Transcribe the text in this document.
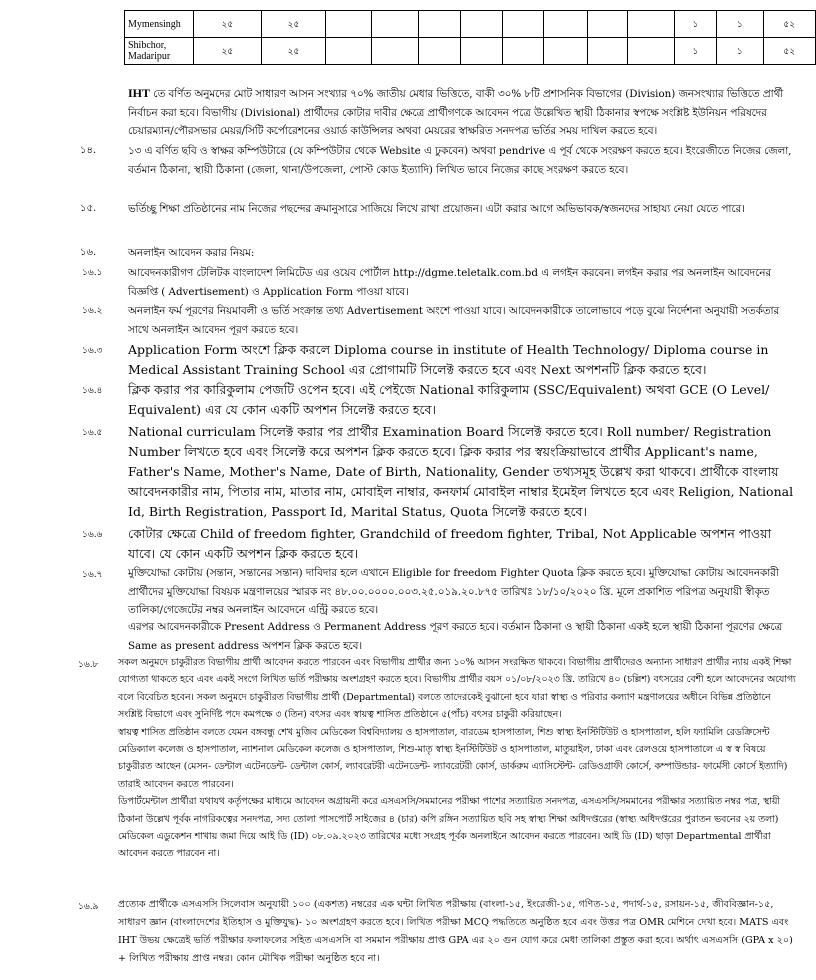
Mymensingh	২৫	২৫									১	১	৫২
Shibchor, Madaripur	২৫	২৫									১	১	৫২
IHT তে বর্ণিত অনুমদের মোট সাধারণ আসন সংখ্যার ৭০% জাতীয় মেধার ভিত্তিতে, বাকী ৩০% ৮টি প্রশাসনিক বিভাগের (Division) জনসংখ্যার ভিত্তিতে প্রার্থী নির্বাচন করা হবে। বিভাগীয় (Divisional) প্রার্থীদের কোটার দাবীর ক্ষেত্রে প্রার্থীগণকে আবেদন পত্রে উল্লেখিত স্থায়ী ঠিকানার স্বপক্ষে সংশ্লিষ্ট ইউনিয়ন পরিষদের চেয়ারম্যান/পৌরসভার মেয়র/সিটি কর্পোরেশনের ওয়ার্ড কাউন্সিলর অথবা মেয়রের স্বাক্ষরিত সনদপত্র ভর্তির সময় দাখিল করতে হবে।
১৪.	১৩ এ বর্ণিত ছবি ও স্বাক্ষর কম্পিউটারে (যে কম্পিউটার থেকে Website এ ঢুকবেন) অথবা pendrive এ পূর্ব থেকে সংরক্ষণ করতে হবে। ইংরেজীতে নিজের জেলা, বর্তমান ঠিকানা, স্থায়ী ঠিকানা (জেলা, থানা/উপজেলা, পোস্ট কোড ইত্যাদি) লিখিত ভাবে নিজের কাছে সংরক্ষণ করতে হবে।
১৫.	ভর্তিচ্ছু শিক্ষা প্রতিষ্ঠানের নাম নিজের পছন্দের ক্রমানুসারে সাজিয়ে লিখে রাখা প্রয়োজন। এটা করার আগে অভিভাবক/স্বজনদের সাহায্য নেয়া যেতে পারে।
১৬.	অনলাইন আবেদন করার নিয়ম:
১৬.১	আবেদনকারীগণ টেলিটক বাংলাদেশ লিমিটেড এর ওয়েব পোর্টাল http://dgme.teletalk.com.bd এ লগইন করবেন। লগইন করার পর অনলাইন আবেদনের বিজ্ঞপ্তি ( Advertisement) ও Application Form পাওয়া যাবে।
১৬.২	অনলাইন ফর্ম পূরণের নিয়মাবলী ও ভর্তি সংক্রান্ত তথ্য Advertisement অংশে পাওয়া যাবে। আবেদনকারীকে তালোভাবে পড়ে বুঝে নির্দেশনা অনুযায়ী সতর্কতার সাথে অনলাইন আবেদন পূরণ করতে হবে।
১৬.৩	Application Form অংশে ক্লিক করলে Diploma course in institute of Health Technology/ Diploma course in Medical Assistant Training School এর প্রোগামটি সিলেক্ট করতে হবে এবং Next অপশনটি ক্লিক করতে হবে।
১৬.৪	ক্লিক করার পর কারিকুলাম পেজটি ওপেন হবে। এই পেইজে National কারিকুলাম (SSC/Equivalent) অথবা GCE (O Level/ Equivalent) এর যে কোন একটি অপশন সিলেক্ট করতে হবে।
১৬.৫	National curriculam সিলেক্ট করার পর প্রার্থীর Examination Board সিলেক্ট করতে হবে। Roll number/ Registration Number লিখতে হবে এবং সিলেক্ট করে অপশন ক্লিক করতে হবে। ক্লিক করার পর স্বয়ংক্রিয়াভাবে প্রার্থীর Applicant's name, Father's Name, Mother's Name, Date of Birth, Nationality, Gender তথ্যসমূহ উল্লেখ করা থাকবে। প্রার্থীকে বাংলায় আবেদনকারীর নাম, পিতার নাম, মাতার নাম, মোবাইল নাম্বার, কনফার্ম মোবাইল নাম্বার ইমেইল লিখতে হবে এবং Religion, National Id, Birth Registration, Passport Id, Marital Status, Quota সিলেক্ট করতে হবে।
১৬.৬	কোটার ক্ষেত্রে Child of freedom fighter, Grandchild of freedom fighter, Tribal, Not Applicable অপশন পাওয়া যাবে। যে কোন একটি অপশন ক্লিক করতে হবে।
১৬.৭	মুক্তিযোদ্ধা কোটায় (সন্তান, সন্তানের সন্তান) দাবিদার হলে এখানে Eligible for freedom Fighter Quota ক্লিক করতে হবে। মুক্তিযোদ্ধা কোটায় আবেদনকারী প্রার্থীদের মুক্তিযোদ্ধা বিষয়ক মন্ত্রণালয়ের স্মারক নং ৪৮.০০.০০০০.০০৩.২৫.০১৯.২০.৮৭৫ তারিখঃ ১৮/১০/২০২০ খ্রি. মূলে প্রকাশিত পরিপত্র অনুযায়ী স্বীকৃত তালিকা/গেজেটের নম্বর অনলাইন আবেদনে এন্ট্রি করতে হবে।
এরপর আবেদনকারীকে Present Address ও Permanent Address পূরণ করতে হবে। বর্তমান ঠিকানা ও স্থায়ী ঠিকানা একই হলে স্থায়ী ঠিকানা পূরণের ক্ষেত্রে Same as present address অপশন ক্লিক করতে হবে।
১৬.৮	সকল অনুমদে চাকুরীরত বিভাগীয় প্রার্থী আবেদন করতে পারবেন এবং বিভাগীয় প্রার্থীর জন্য ১০% আসন সংরক্ষিত থাকবে। বিভাগীয় প্রার্থীদেরও অন্যান্য সাধারণ প্রার্থীর ন্যায় একই শিক্ষা যোগ্যতা থাকতে হবে এবং একই সংগে লিখিত ভর্তি পরীক্ষায় অংশগ্রহণ করতে হবে। বিভাগীয় প্রার্থীর বয়স ০১/০৮/২০২৩ খ্রি. তারিখে ৪০ (চল্লিশ) বৎসরের বেশী হলে আবেদনের অযোগ্য বলে বিবেচিত হবেন। সকল অনুমদে চাকুরীরত বিভাগীয় প্রার্থী (Departmental) বলতে তাদেরকেই বুঝানো হবে যারা স্বাস্থ্য ও পরিবার কল্যাণ মন্ত্রণালয়ের অধীনে বিভিন্ন প্রতিষ্ঠানে সংশ্লিষ্ট বিভাগে এবং সুনির্দিষ্ট পদে কমপক্ষে ৩ (তিন) বৎসর এবং স্বায়ত্ব শাসিত প্রতিষ্ঠানে ৫(পাঁচ) বৎসর চাকুরী করিয়াছেন।
স্বায়ত্ব শাসিত প্রতিষ্ঠান বলতে যেমন বঙ্গবন্ধু শেখ মুজিব মেডিকেল বিশ্ববিদ্যালয় ও হাসপাতাল, বারডেম হাসপাতাল, শিশু স্বাস্থ্য ইনস্টিটিউট ও হাসপাতাল, হলি ফ্যামিলি রেডক্রিসেন্ট মেডিক্যাল কলেজ ও হাসপাতাল, ন্যাশনাল মেডিকেল কলেজ ও হাসপাতাল, শিশু-মাতৃ স্বাস্থ্য ইনস্টিটিউট ও হাসপাতাল, মাতুয়াইল, ঢাকা এবং রেলওয়ে হাসপাতালে এ স্ব স্ব বিষয়ে চাকুরীরত আছেন (মেসন- ডেন্টাল এটেনডেন্ট- ডেন্টাল কোর্স, ল্যাবরেটরী এটেনডেন্ট- ল্যাবরেটরী কোর্স, ডার্করুম এ্যাসিস্টেন্ট- রেডিওগ্রাফী কোর্সে, কম্পাউন্ডার- ফার্মেসী কোর্সে ইত্যাদি) তারাই আবেদন করতে পারবেন।
ডিপার্টমেন্টাল প্রার্থীরা যথাযথ কর্তৃপক্ষের মাধ্যমে আবেদন অগ্রায়নী করে এসএসসি/সমমানের পরীক্ষা পাশের সত্যায়িত সনদপত্র, এসএসসি/সমমানের পরীক্ষার সত্যায়িত নম্বর পত্র, স্থায়ী ঠিকানা উল্লেখ পূর্বক নাগরিকত্বের সনদপত্র, সদ্য তোলা পাসপোর্ট সাইজের ৪ (চার) কপি রঙ্গিন সত্যায়িত ছবি সহ স্বাস্থ্য শিক্ষা অধিদপ্তরের (স্বাস্থ্য অধিদপ্তরের পুরাতন ভবনের ২য় তলা) মেডিকেল এডুকেশন শাখায় জমা দিয়ে আই ডি (ID) ০৮.০৯.২০২৩ তারিখের মধ্যে সংগ্রহ পূর্বক অনলাইনে আবেদন করতে পারবেন। আই ডি (ID) ছাড়া Departmental প্রার্থীরা আবেদন করতে পারবেন না।
১৬.৯	প্রত্যেক প্রার্থীকে এসএসসি সিলেবাস অনুযায়ী ১০০ (একশত) নম্বরের এক ঘন্টা লিখিত পরীক্ষায় (বাংলা-১৫, ইংরেজী-১৫, গণিত-১৫, পদার্থ-১৫, রসায়ন-১৫, জীববিজ্ঞান-১৫, সাধারণ জ্ঞান (বাংলাদেশের ইতিহাস ও মুক্তিযুদ্ধ)- ১০ অংশগ্রহণ করতে হবে। লিখিত পরীক্ষা MCQ পদ্ধতিতে অনুষ্ঠিত হবে এবং উত্তর পত্র OMR মেশিনে দেখা হবে। MATS এবং IHT উভয় ক্ষেত্রেই ভর্তি পরীক্ষার ফলাফলের সহিত এসএসসি বা সমমান পরীক্ষায় প্রাপ্ত GPA এর ২০ গুন যোগ করে মেধা তালিকা প্রস্তুত করা হবে। অর্থাৎ এসএসসি (GPA x ২০) + লিখিত পরীক্ষায় প্রাপ্ত নম্বর। কোন মৌখিক পরীক্ষা অনুষ্ঠিত হবে না।
